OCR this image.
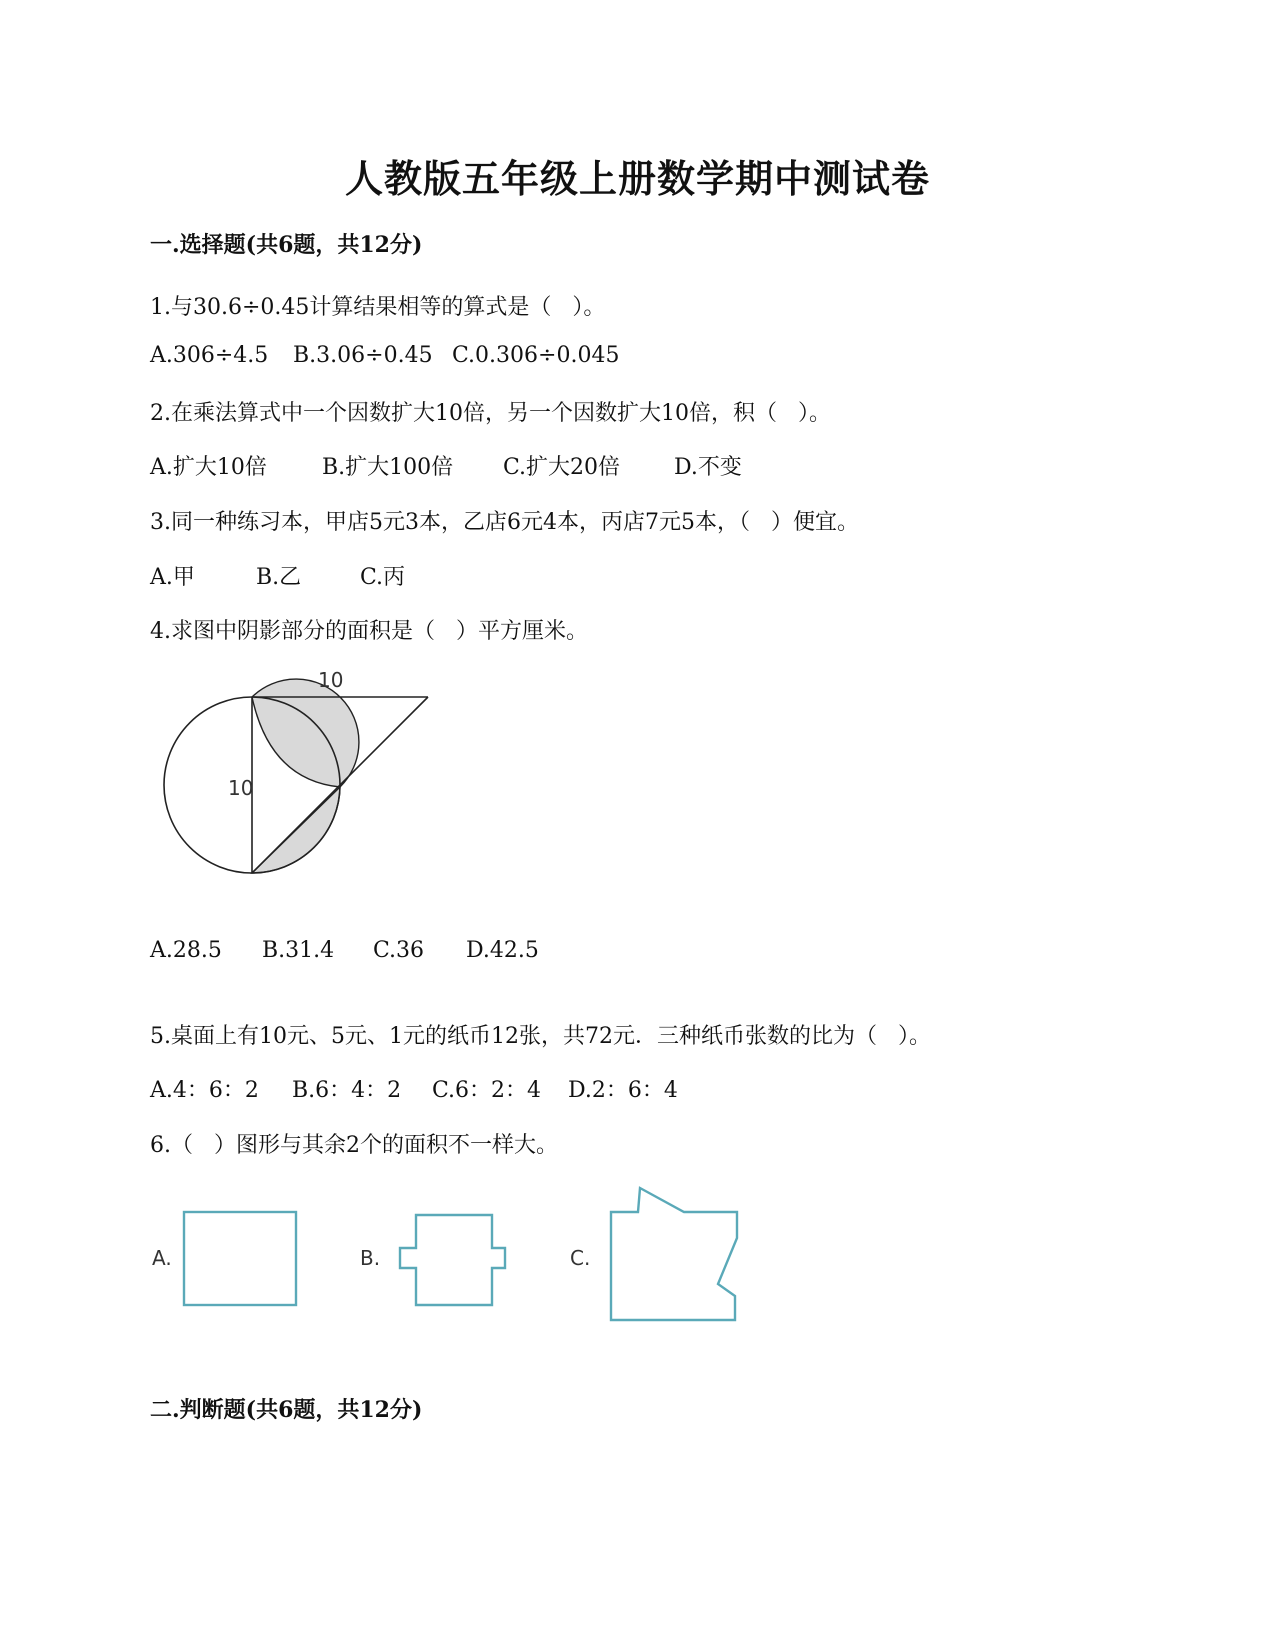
人教版五年级上册数学期中测试卷
一.选择题(共6题，共12分)
1.与30.6÷0.45计算结果相等的算式是（   ）。
A.306÷4.5 B.3.06÷0.45 C.0.306÷0.045
2.在乘法算式中一个因数扩大10倍，另一个因数扩大10倍，积（   ）。
A.扩大10倍	B.扩大100倍 C.扩大20倍 D.不变
3.同一种练习本，甲店5元3本，乙店6元4本，丙店7元5本，（   ）便宜。
A.甲	B.乙	C.丙
4.求图中阴影部分的面积是（   ）平方厘米。
10
10
A.28.5 B.31.4 C.36 D.42.5
5.桌面上有10元、5元、1元的纸币12张，共72元．三种纸币张数的比为（   ）。
A.4：6：2 B.6：4：2 C.6：2：4 D.2：6：4
6.（   ）图形与其余2个的面积不一样大。
A.	B.	C.
二.判断题(共6题，共12分)
